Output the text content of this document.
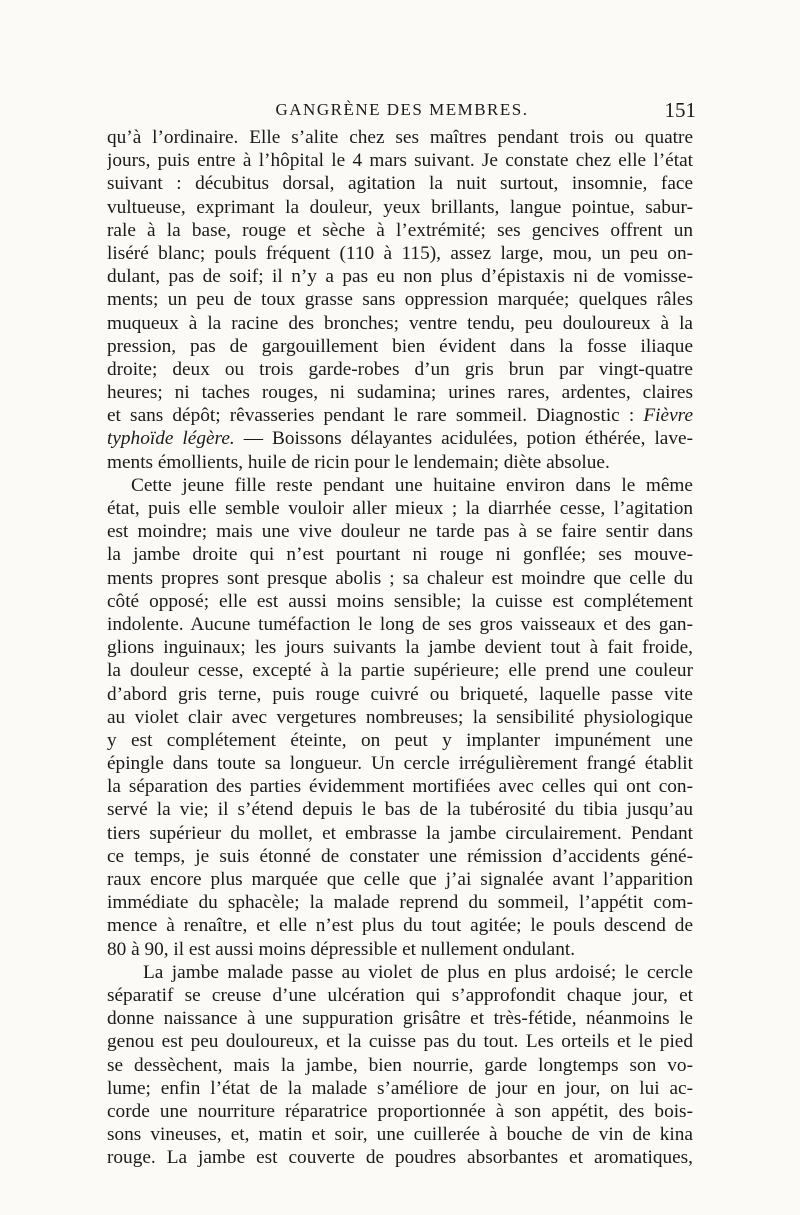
GANGRÈNE DES MEMBRES.	151
qu’à l’ordinaire. Elle s’alite chez ses maîtres pendant trois ou quatre
jours, puis entre à l’hôpital le 4 mars suivant. Je constate chez elle l’état
suivant : décubitus dorsal, agitation la nuit surtout, insomnie, face
vultueuse, exprimant la douleur, yeux brillants, langue pointue, sabur-
rale à la base, rouge et sèche à l’extrémité; ses gencives offrent un
liséré blanc; pouls fréquent (110 à 115), assez large, mou, un peu on-
dulant, pas de soif; il n’y a pas eu non plus d’épistaxis ni de vomisse-
ments; un peu de toux grasse sans oppression marquée; quelques râles
muqueux à la racine des bronches; ventre tendu, peu douloureux à la
pression, pas de gargouillement bien évident dans la fosse iliaque
droite; deux ou trois garde-robes d’un gris brun par vingt-quatre
heures; ni taches rouges, ni sudamina; urines rares, ardentes, claires
et sans dépôt; rêvasseries pendant le rare sommeil. Diagnostic : Fièvre
typhoïde légère. — Boissons délayantes acidulées, potion éthérée, lave-
ments émollients, huile de ricin pour le lendemain; diète absolue.
Cette jeune fille reste pendant une huitaine environ dans le même
état, puis elle semble vouloir aller mieux ; la diarrhée cesse, l’agitation
est moindre; mais une vive douleur ne tarde pas à se faire sentir dans
la jambe droite qui n’est pourtant ni rouge ni gonflée; ses mouve-
ments propres sont presque abolis ; sa chaleur est moindre que celle du
côté opposé; elle est aussi moins sensible; la cuisse est complétement
indolente. Aucune tuméfaction le long de ses gros vaisseaux et des gan-
glions inguinaux; les jours suivants la jambe devient tout à fait froide,
la douleur cesse, excepté à la partie supérieure; elle prend une couleur
d’abord gris terne, puis rouge cuivré ou briqueté, laquelle passe vite
au violet clair avec vergetures nombreuses; la sensibilité physiologique
y est complétement éteinte, on peut y implanter impunément une
épingle dans toute sa longueur. Un cercle irrégulièrement frangé établit
la séparation des parties évidemment mortifiées avec celles qui ont con-
servé la vie; il s’étend depuis le bas de la tubérosité du tibia jusqu’au
tiers supérieur du mollet, et embrasse la jambe circulairement. Pendant
ce temps, je suis étonné de constater une rémission d’accidents géné-
raux encore plus marquée que celle que j’ai signalée avant l’apparition
immédiate du sphacèle; la malade reprend du sommeil, l’appétit com-
mence à renaître, et elle n’est plus du tout agitée; le pouls descend de
80 à 90, il est aussi moins dépressible et nullement ondulant.
La jambe malade passe au violet de plus en plus ardoisé; le cercle
séparatif se creuse d’une ulcération qui s’approfondit chaque jour, et
donne naissance à une suppuration grisâtre et très-fétide, néanmoins le
genou est peu douloureux, et la cuisse pas du tout. Les orteils et le pied
se dessèchent, mais la jambe, bien nourrie, garde longtemps son vo-
lume; enfin l’état de la malade s’améliore de jour en jour, on lui ac-
corde une nourriture réparatrice proportionnée à son appétit, des bois-
sons vineuses, et, matin et soir, une cuillerée à bouche de vin de kina
rouge. La jambe est couverte de poudres absorbantes et aromatiques,
